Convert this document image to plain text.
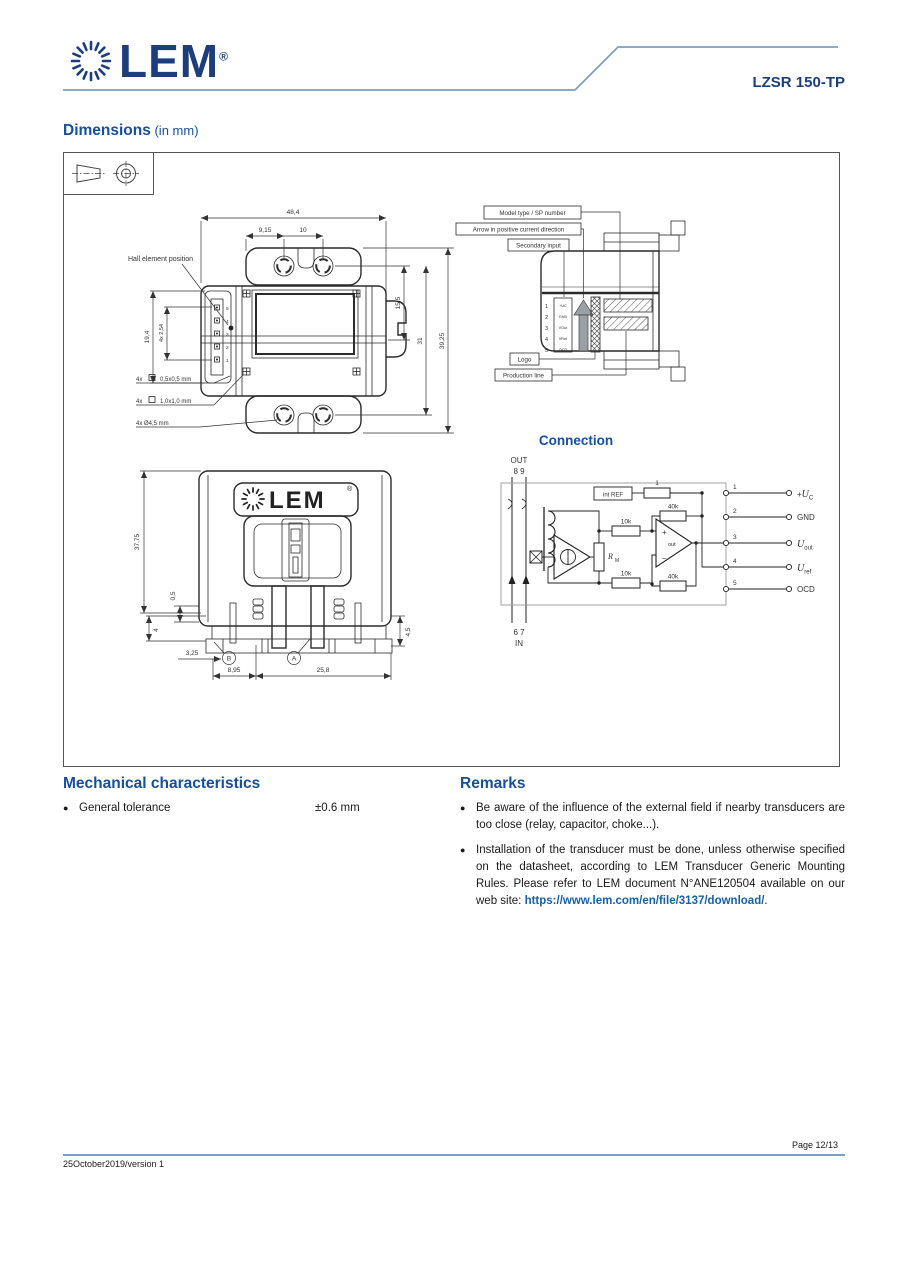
LEM®
LZSR 150-TP
Dimensions (in mm)
48,4
9,15	10
5
4
3
2
1
15,5
31 39,25
19,4 4x 2,54
Hall element position
4x	0,5x0,5 mm
4x	1,0x1,0 mm
4x Ø4,5 mm
Model type / SP number
Arrow in positive current direction
Secondary input
Logo
Production line
1
2
3
4
5
+UC
GND
VOut
VRef
OCD
LEM	®
37,75
4
0,5
4,5
3,25
8,95	25,8
B	A
Connection
OUT
8 9
6 7
IN
R M
10k
10k
+
−
out
int REF
1
40k
40k
1
+UC
2
GND
3
Uout
4
Uref
5
OCD
Mechanical characteristics
● General tolerance	±0.6 mm
Remarks
● Be aware of the influence of the external field if nearby transducers are too close (relay, capacitor, choke...).
● Installation of the transducer must be done, unless otherwise specified on the datasheet, according to LEM Transducer Generic Mounting Rules. Please refer to LEM document N°ANE120504 available on our web site: https://www.lem.com/en/file/3137/download/.
Page 12/13
25October2019/version 1
